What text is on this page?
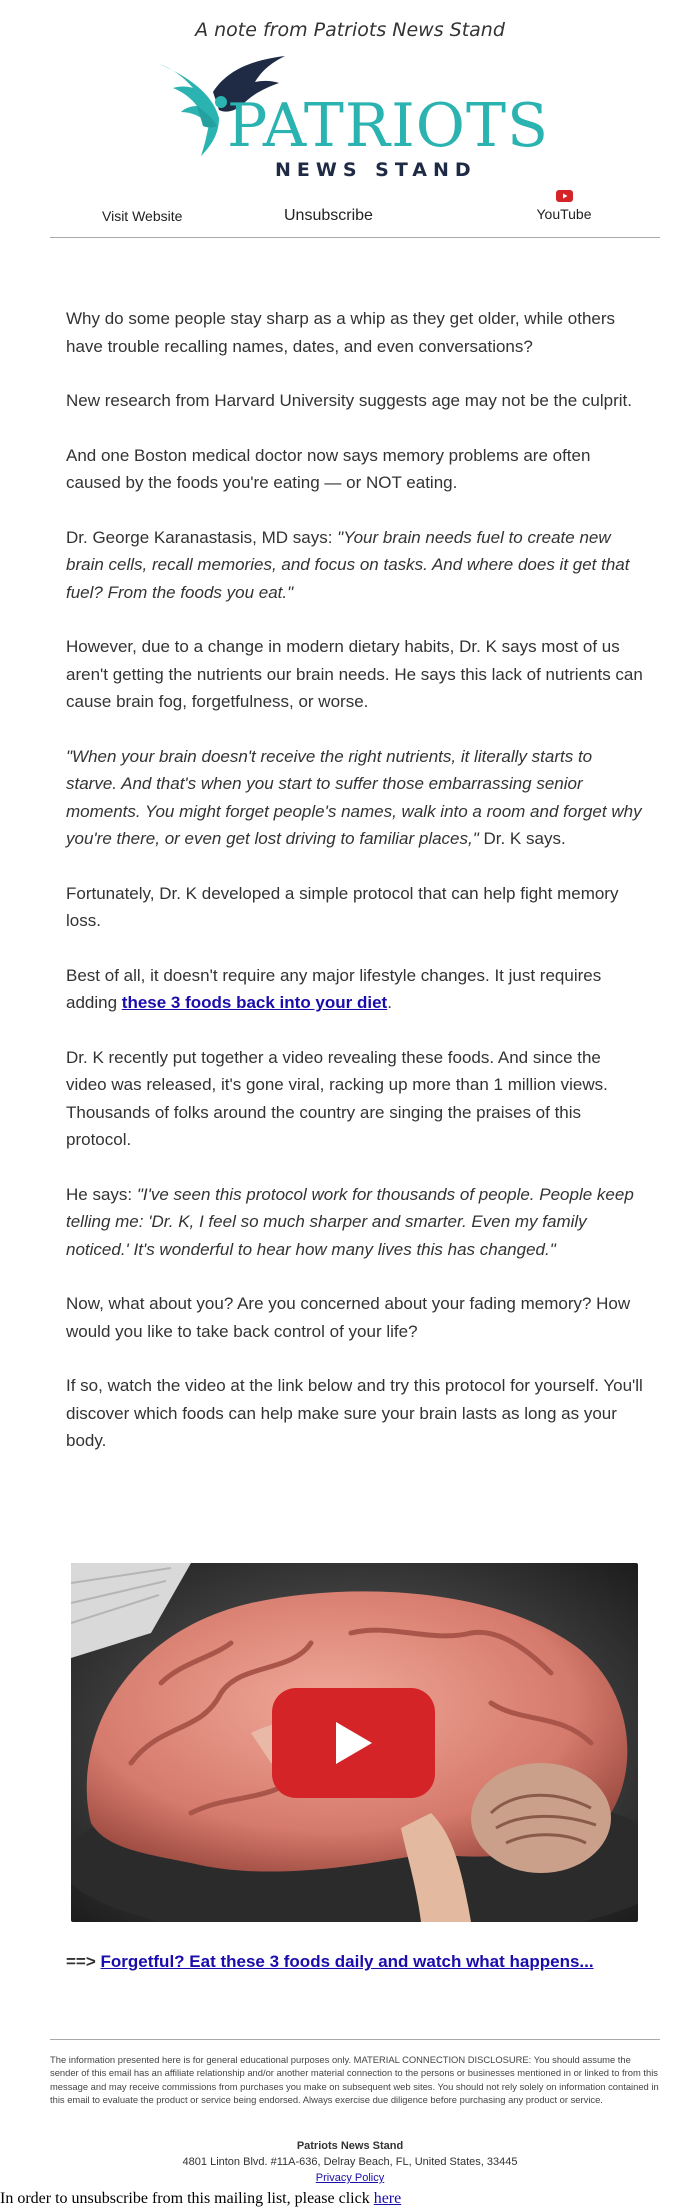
A note from Patriots News Stand
PATRIOTS
NEWS STAND
Visit Website	Unsubscribe	YouTube

Why do some people stay sharp as a whip as they get older, while others have trouble recalling names, dates, and even conversations?

New research from Harvard University suggests age may not be the culprit.

And one Boston medical doctor now says memory problems are often caused by the foods you're eating — or NOT eating.

Dr. George Karanastasis, MD says: "Your brain needs fuel to create new brain cells, recall memories, and focus on tasks. And where does it get that fuel? From the foods you eat."

However, due to a change in modern dietary habits, Dr. K says most of us aren't getting the nutrients our brain needs. He says this lack of nutrients can cause brain fog, forgetfulness, or worse.

"When your brain doesn't receive the right nutrients, it literally starts to starve. And that's when you start to suffer those embarrassing senior moments. You might forget people's names, walk into a room and forget why you're there, or even get lost driving to familiar places," Dr. K says.

Fortunately, Dr. K developed a simple protocol that can help fight memory loss.

Best of all, it doesn't require any major lifestyle changes. It just requires adding these 3 foods back into your diet.

Dr. K recently put together a video revealing these foods. And since the video was released, it's gone viral, racking up more than 1 million views. Thousands of folks around the country are singing the praises of this protocol.

He says: "I've seen this protocol work for thousands of people. People keep telling me: 'Dr. K, I feel so much sharper and smarter. Even my family noticed.' It's wonderful to hear how many lives this has changed."

Now, what about you? Are you concerned about your fading memory? How would you like to take back control of your life?

If so, watch the video at the link below and try this protocol for yourself. You'll discover which foods can help make sure your brain lasts as long as your body.

==> Forgetful? Eat these 3 foods daily and watch what happens...
The information presented here is for general educational purposes only. MATERIAL CONNECTION DISCLOSURE: You should assume the sender of this email has an affiliate relationship and/or another material connection to the persons or businesses mentioned in or linked to from this message and may receive commissions from purchases you make on subsequent web sites. You should not rely solely on information contained in this email to evaluate the product or service being endorsed. Always exercise due diligence before purchasing any product or service.
Patriots News Stand
4801 Linton Blvd. #11A-636, Delray Beach, FL, United States, 33445
Privacy Policy
In order to unsubscribe from this mailing list, please click here
